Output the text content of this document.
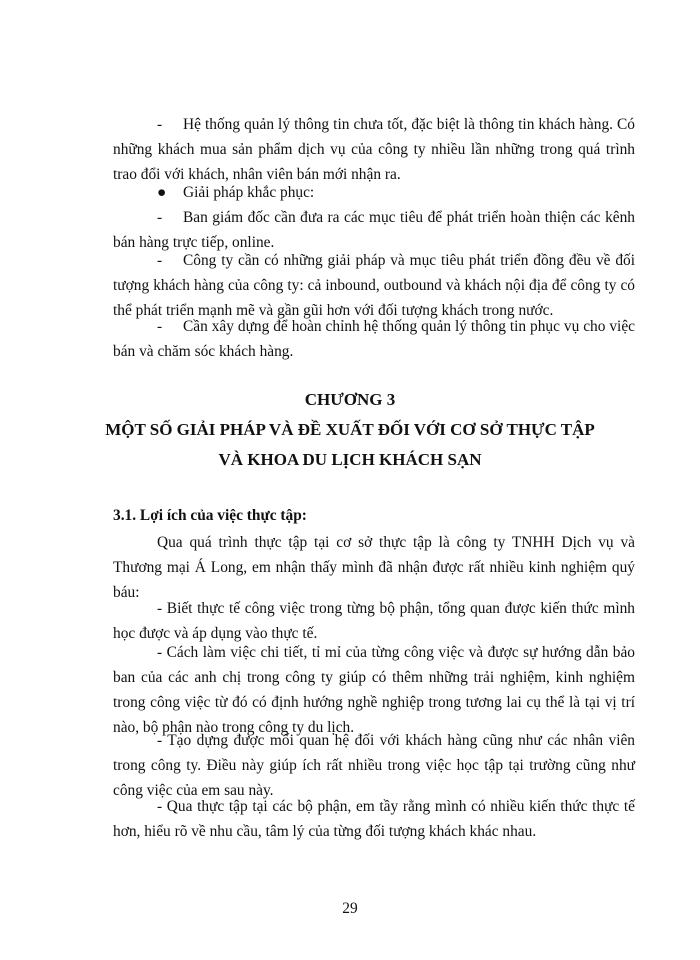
- Hệ thống quản lý thông tin chưa tốt, đặc biệt là thông tin khách hàng. Có những khách mua sản phẩm dịch vụ của công ty nhiều lần những trong quá trình trao đổi với khách, nhân viên bán mới nhận ra.

● Giải pháp khắc phục:

- Ban giám đốc cần đưa ra các mục tiêu để phát triển hoàn thiện các kênh bán hàng trực tiếp, online.

- Công ty cần có những giải pháp và mục tiêu phát triển đồng đều về đối tượng khách hàng của công ty: cả inbound, outbound và khách nội địa để công ty có thể phát triển mạnh mẽ và gần gũi hơn với đối tượng khách trong nước.

- Cần xây dựng để hoàn chỉnh hệ thống quản lý thông tin phục vụ cho việc bán và chăm sóc khách hàng.

CHƯƠNG 3

MỘT SỐ GIẢI PHÁP VÀ ĐỀ XUẤT ĐỐI VỚI CƠ SỞ THỰC TẬP

VÀ KHOA DU LỊCH KHÁCH SẠN

3.1. Lợi ích của việc thực tập:

Qua quá trình thực tập tại cơ sở thực tập là công ty TNHH Dịch vụ và Thương mại Á Long, em nhận thấy mình đã nhận được rất nhiều kinh nghiệm quý báu:

- Biết thực tế công việc trong từng bộ phận, tổng quan được kiến thức mình học được và áp dụng vào thực tế.

- Cách làm việc chi tiết, tỉ mỉ của từng công việc và được sự hướng dẫn bảo ban của các anh chị trong công ty giúp có thêm những trải nghiệm, kinh nghiệm trong công việc từ đó có định hướng nghề nghiệp trong tương lai cụ thể là tại vị trí nào, bộ phận nào trong công ty du lịch.

- Tạo dựng được mối quan hệ đối với khách hàng cũng như các nhân viên trong công ty. Điều này giúp ích rất nhiều trong việc học tập tại trường cũng như công việc của em sau này.

- Qua thực tập tại các bộ phận, em tầy rằng mình có nhiều kiến thức thực tế hơn, hiểu rõ về nhu cầu, tâm lý của từng đối tượng khách khác nhau.

29
